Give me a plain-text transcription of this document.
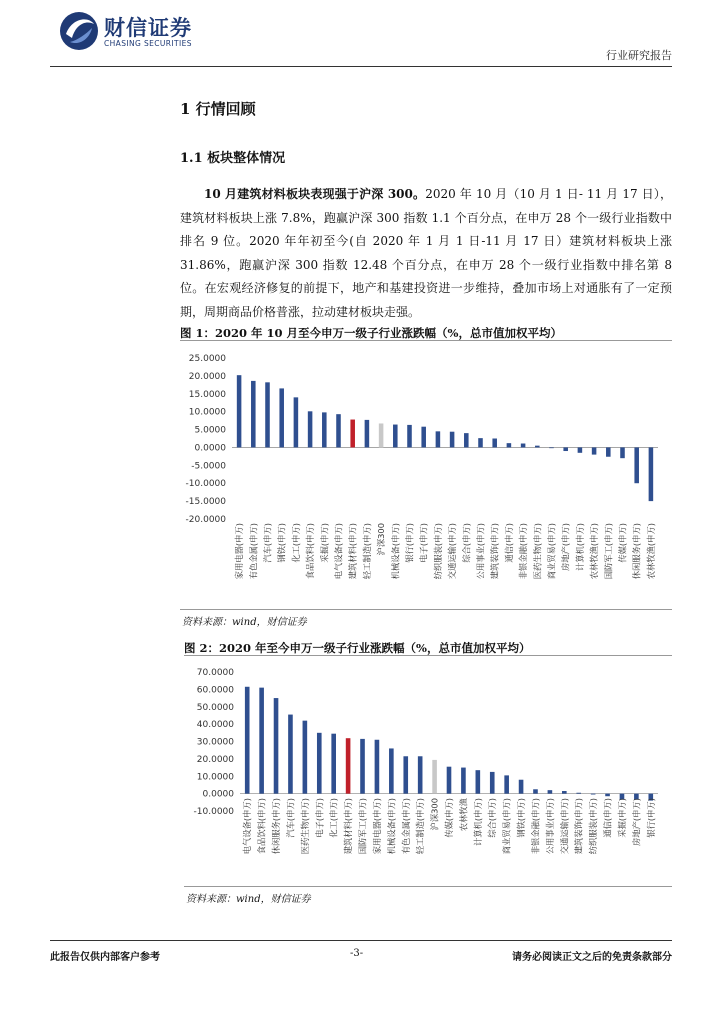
财信证券
CHASING SECURITIES
行业研究报告
1 行情回顾
1.1 板块整体情况
10 月建筑材料板块表现强于沪深 300。2020 年 10 月（10 月 1 日- 11 月 17 日），建筑材料板块上涨 7.8%，跑赢沪深 300 指数 1.1 个百分点，在申万 28 个一级行业指数中排名 9 位。2020 年年初至今(自 2020 年 1 月 1 日-11 月 17 日）建筑材料板块上涨 31.86%，跑赢沪深 300 指数 12.48 个百分点，在申万 28 个一级行业指数中排名第 8 位。在宏观经济修复的前提下，地产和基建投资进一步维持，叠加市场上对通胀有了一定预期，周期商品价格普涨，拉动建材板块走强。
图 1：2020 年 10 月至今申万一级子行业涨跌幅（%，总市值加权平均）
25.0000
20.0000
15.0000
10.0000
5.0000
0.0000
-5.0000
-10.0000
-15.0000
-20.0000
家用电器(申万) 有色金属(申万) 汽车(申万) 钢铁(申万) 化工(申万) 食品饮料(申万) 采掘(申万) 电气设备(申万) 建筑材料(申万) 轻工制造(申万) 沪深300 机械设备(申万) 银行(申万) 电子(申万) 纺织服装(申万) 交通运输(申万) 综合(申万) 公用事业(申万) 建筑装饰(申万) 通信(申万) 非银金融(申万) 医药生物(申万) 商业贸易(申万) 房地产(申万) 计算机(申万) 农林牧渔(申万) 国防军工(申万) 传媒(申万) 休闲服务(申万) 农林牧渔(申万)
资料来源：wind，财信证券
图 2：2020 年至今申万一级子行业涨跌幅（%，总市值加权平均）
70.0000
60.0000
50.0000
40.0000
30.0000
20.0000
10.0000
0.0000
-10.0000 电气设备(申万) 食品饮料(申万) 休闲服务(申万) 汽车(申万) 医药生物(申万) 电子(申万) 化工(申万) 建筑材料(申万) 国防军工(申万) 家用电器(申万) 机械设备(申万) 有色金属(申万) 轻工制造(申万) 沪深300 传媒(申万) 农林牧渔 计算机(申万) 综合(申万) 商业贸易(申万) 钢铁(申万) 非银金融(申万) 公用事业(申万) 交通运输(申万) 建筑装饰(申万) 纺织服装(申万) 通信(申万) 采掘(申万) 房地产(申万) 银行(申万)
资料来源：wind，财信证券
此报告仅供内部客户参考	-3-	请务必阅读正文之后的免责条款部分
